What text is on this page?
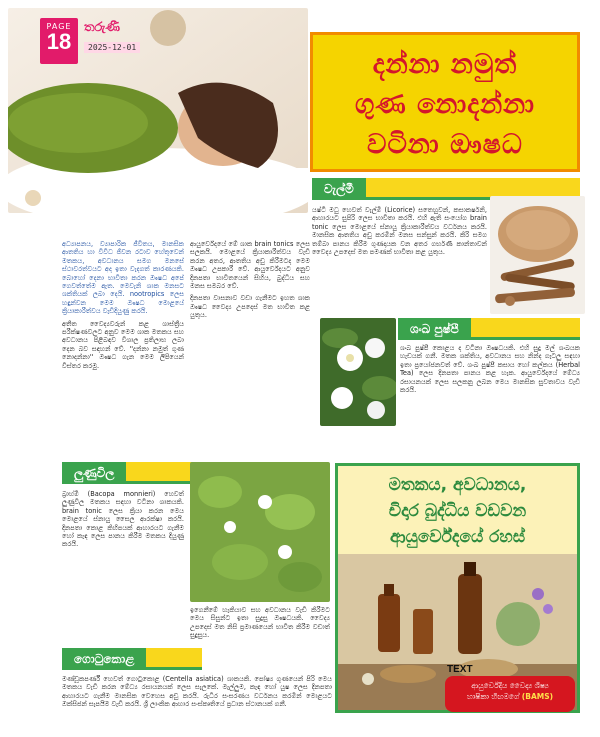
PAGE
18
තරුණී
2025-12-01
දන්නා නමුත්
ගුණ නොදන්නා
වටිනා ඖෂධ
වැල්මී

යෂ්ටි මධු හෙවත් වැල්මී (Licorice) සතෙහුවන්, කසාකර්ෂනි, ආහාරයට සුපිරි ලෙස භාවිතා කරයි. එහි ඇති සංයෝග brain tonic ලෙස මොළයේ ස්නායු ක්‍රියාකාරීත්වය වර්ධනය කරයි. මානසික ආතතිය අඩු කරමින් මනස සන්සුන් කරයි. කිරි සමග තම්බා පානය කිරීම ගුණදායක වන අතර ගර්භණී කාන්තාවන් වෛද්‍ය උපදෙස් මත පමණක් භාවිතා කළ යුතුය.

අධ්‍යාපනය, ව්‍යාපාරික ජීවිතය, මානසික ආතතිය හා විවිධ ජීවන රටාව හේතුවෙන් මතකය, අවධානය සමග මනසේ ස්ථාවරත්වයට අද ඉතා වැදගත් කාරණයකි. බොහෝ දෙනා භාවිතා කරන ඖෂධ අපේ ගෙවත්තේම ඇත. මෙවැනි ශාක මනසට ශක්තියක් ලබා දෙයි. nootropics ලෙස හඳුන්වන මෙම ඖෂධ මොළයේ ක්‍රියාකාරීත්වය වැඩිදියුණු කරයි.

අතීත වෛද්‍යවරුන් කළ ශාස්ත්‍රීය පරීක්ෂණවලට අනුව මෙම ශාක මතකය සහ අවධානය පිළිබඳව විශාල ප්‍රතිලාභ ලබා දෙන බව සඳහන් වේ. ''දන්නා නමුත් ගුණ නොදන්නා'' ඖෂධ ගැන මෙම ලිපියෙන් විස්තර කරමු.

ආයුර්වේදයේ මේ ශාක brain tonics ලෙස සලකයි. මොළයේ ක්‍රියාකාරීත්වය වැඩි කරන අතර, ආතතිය අඩු කිරීමටද මෙම ඖෂධ උපකාරී වේ. ආයුර්වේදයට අනුව දිනපතා භාවිතයෙන් සිහිය, බුද්ධිය සහ මනස සමබර වේ.

දිනපතා වාසනාව වඩා ගැනීමට ඉහත ශාක ඖෂධ වෛද්‍ය උපදෙස් මත භාවිත කළ යුතුය.

ශංඛ පුෂ්පී

ශංඛ පුෂ්පී කොළය ද වටිනා ඖෂධයකි. එහි සුදු මල් ශංඛයක හැඩයක් ගනී. මතක ශක්තිය, අවධානය සහ නින්ද ගැටලු සඳහා ඉතා ප්‍රයෝජනවත් වේ. ශංඛ පුෂ්පී කසාය හෝ කල්කය (Herbal Tea) ලෙස දිනපතා පානය කළ හැක. ආයුර්වේදයේ මේධ්‍ය රසායනයක් ලෙස සලකනු ලබන මෙය මානසික සුවතාවය වැඩි කරයි.

ලුණුවිල

බ්‍රාහ්මී (Bacopa monnieri) හෙවත් ලුණුවිල මතකය සඳහා වටිනා ශාකයකි. brain tonic ලෙස ක්‍රියා කරන මෙය මොළයේ ස්නායු සෛල ආරක්ෂා කරයි. දිනපතා කොළ කිහිපයක් ආහාරයට ගැනීම හෝ කැඳ ලෙස පානය කිරීම මතකය දියුණු කරයි.

ඉගෙනීමේ හැකියාව සහ අවධානය වැඩි කිරීමට මෙය සිසුන්ට ඉතා සුදුසු ඖෂධයකි. වෛද්‍ය උපදෙස් මත නිසි ප්‍රමාණයෙන් භාවිත කිරීම වඩාත් සුදුසුය.

ගොටුකොළ

මණ්ඩූකපර්ණී හෙවත් ගොටුකොළ (Centella asiatica) ශාකයකි. පෝෂ්‍ය ගුණයෙන් පිරි මෙය මතකය වැඩි කරන මේධ්‍ය රසායනයක් ලෙස සැලකේ. මැල්ලුම, කැඳ හෝ යුෂ ලෙස දිනපතා ආහාරයට ගැනීම මානසික වෙහෙස අඩු කරයි. රුධිර සංසරණය වර්ධනය කරමින් මොළයට ඔක්සිජන් සැපයීම වැඩි කරයි. ශ්‍රී ලාංකික ආහාර සංස්කෘතියේ ප්‍රධාන ස්ථානයක් ගනී.

මතකය, අවධානය,
චිදාර බුද්ධිය වඩවන
ආයුර්වේදයේ රහස්
TEXT
ආයුර්වේදිය වෛද්‍ය ශිෂ්‍ය
හාෂිකා හිඟමගේ (BAMS)
